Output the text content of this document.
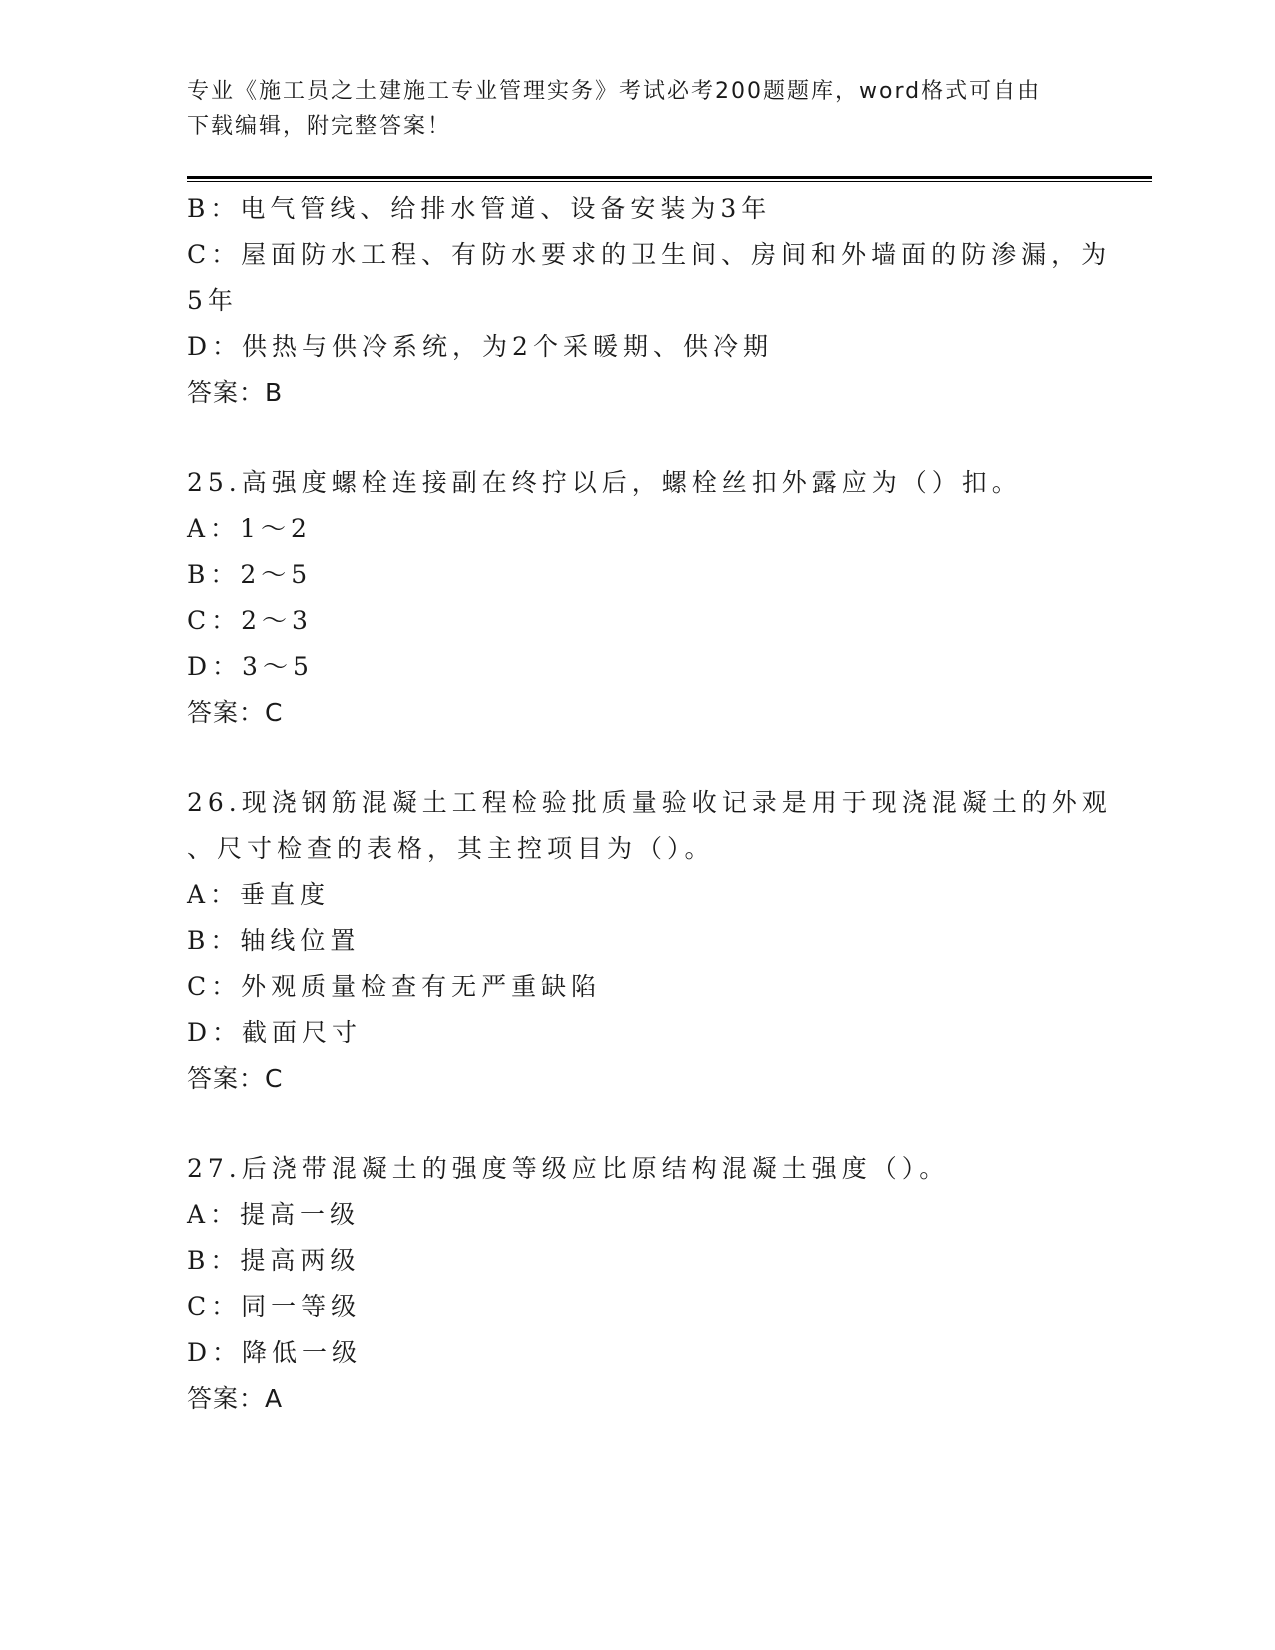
专业《施工员之土建施工专业管理实务》考试必考200题题库，word格式可自由
下载编辑，附完整答案！

B：电气管线、给排水管道、设备安装为3年

C：屋面防水工程、有防水要求的卫生间、房间和外墙面的防渗漏，为

5年

D：供热与供冷系统，为2个采暖期、供冷期

答案：B

25.高强度螺栓连接副在终拧以后，螺栓丝扣外露应为（）扣。

A：1～2

B：2～5

C：2～3

D：3～5

答案：C

26.现浇钢筋混凝土工程检验批质量验收记录是用于现浇混凝土的外观

、尺寸检查的表格，其主控项目为（）。

A：垂直度

B：轴线位置

C：外观质量检查有无严重缺陷

D：截面尺寸

答案：C

27.后浇带混凝土的强度等级应比原结构混凝土强度（）。

A：提高一级

B：提高两级

C：同一等级

D：降低一级

答案：A
